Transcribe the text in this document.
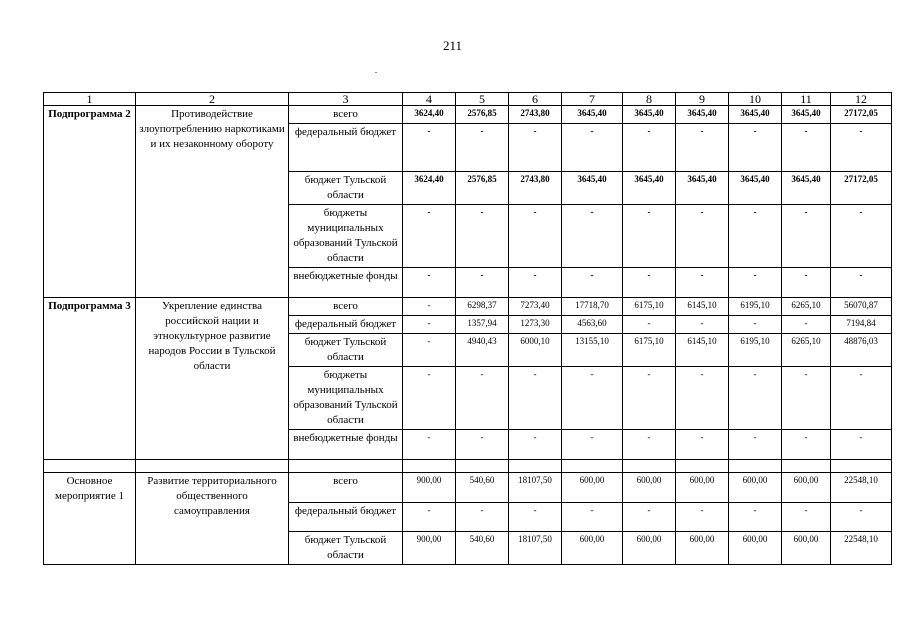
211
1	2	3	4	5	6	7	8	9	10	11	12
Подпрограмма 2	Противодействие злоупотреблению наркотиками и их незаконному обороту	всего	3624,40	2576,85	2743,80	3645,40	3645,40	3645,40	3645,40	3645,40	27172,05
		федеральный бюджет	-	-	-	-	-	-	-	-	-
		бюджет Тульской области	3624,40	2576,85	2743,80	3645,40	3645,40	3645,40	3645,40	3645,40	27172,05
		бюджеты муниципальных образований Тульской области	-	-	-	-	-	-	-	-	-
		внебюджетные фонды	-	-	-	-	-	-	-	-	-
Подпрограмма 3	Укрепление единства российской нации и этнокультурное развитие народов России в Тульской области	всего	-	6298,37	7273,40	17718,70	6175,10	6145,10	6195,10	6265,10	56070,87
		федеральный бюджет	-	1357,94	1273,30	4563,60	-	-	-	-	7194,84
		бюджет Тульской области	-	4940,43	6000,10	13155,10	6175,10	6145,10	6195,10	6265,10	48876,03
		бюджеты муниципальных образований Тульской области	-	-	-	-	-	-	-	-	-
		внебюджетные фонды	-	-	-	-	-	-	-	-	-

Основное мероприятие 1	Развитие территориального общественного самоуправления	всего	900,00	540,60	18107,50	600,00	600,00	600,00	600,00	600,00	22548,10
		федеральный бюджет	-	-	-	-	-	-	-	-	-
		бюджет Тульской области	900,00	540,60	18107,50	600,00	600,00	600,00	600,00	600,00	22548,10
